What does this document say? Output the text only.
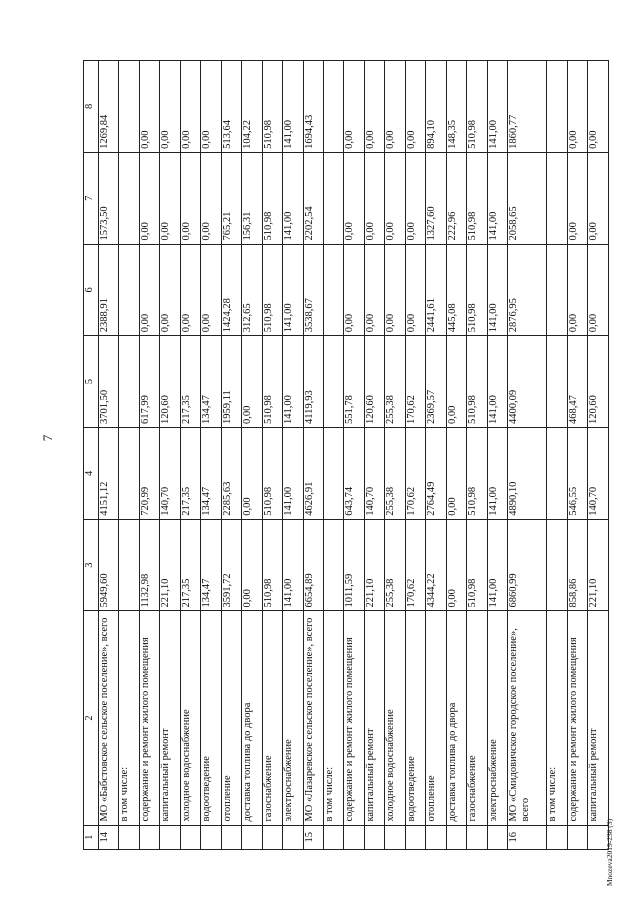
7
Mnozeva2019-238 (3)
1	2	3	4	5	6	7	8
14	МО «Бабстовское сельское поселение», всего	5949,60	4151,12	3701,50	2388,91	1573,50	1269,84
	в том числе:						
	содержание и ремонт жилого помещения	1132,98	720,99	617,99	0,00	0,00	0,00
	капитальный ремонт	221,10	140,70	120,60	0,00	0,00	0,00
	холодное водоснабжение	217,35	217,35	217,35	0,00	0,00	0,00
	водоотведение	134,47	134,47	134,47	0,00	0,00	0,00
	отопление	3591,72	2285,63	1959,11	1424,28	765,21	513,64
	доставка топлива до двора	0,00	0,00	0,00	312,65	156,31	104,22
	газоснабжение	510,98	510,98	510,98	510,98	510,98	510,98
	электроснабжение	141,00	141,00	141,00	141,00	141,00	141,00
15	МО «Лазаревское сельское поселение», всего	6654,89	4626,91	4119,93	3538,67	2202,54	1694,43
	в том числе:						
	содержание и ремонт жилого помещения	1011,59	643,74	551,78	0,00	0,00	0,00
	капитальный ремонт	221,10	140,70	120,60	0,00	0,00	0,00
	холодное водоснабжение	255,38	255,38	255,38	0,00	0,00	0,00
	водоотведение	170,62	170,62	170,62	0,00	0,00	0,00
	отопление	4344,22	2764,49	2369,57	2441,61	1327,60	894,10
	доставка топлива до двора	0,00	0,00	0,00	445,08	222,96	148,35
	газоснабжение	510,98	510,98	510,98	510,98	510,98	510,98
	электроснабжение	141,00	141,00	141,00	141,00	141,00	141,00
16	МО «Смидовичское городское поселение», всего	6860,99	4890,10	4400,09	2876,95	2058,65	1860,77
	в том числе:						
	содержание и ремонт жилого помещения	858,86	546,55	468,47	0,00	0,00	0,00
	капитальный ремонт	221,10	140,70	120,60	0,00	0,00	0,00
